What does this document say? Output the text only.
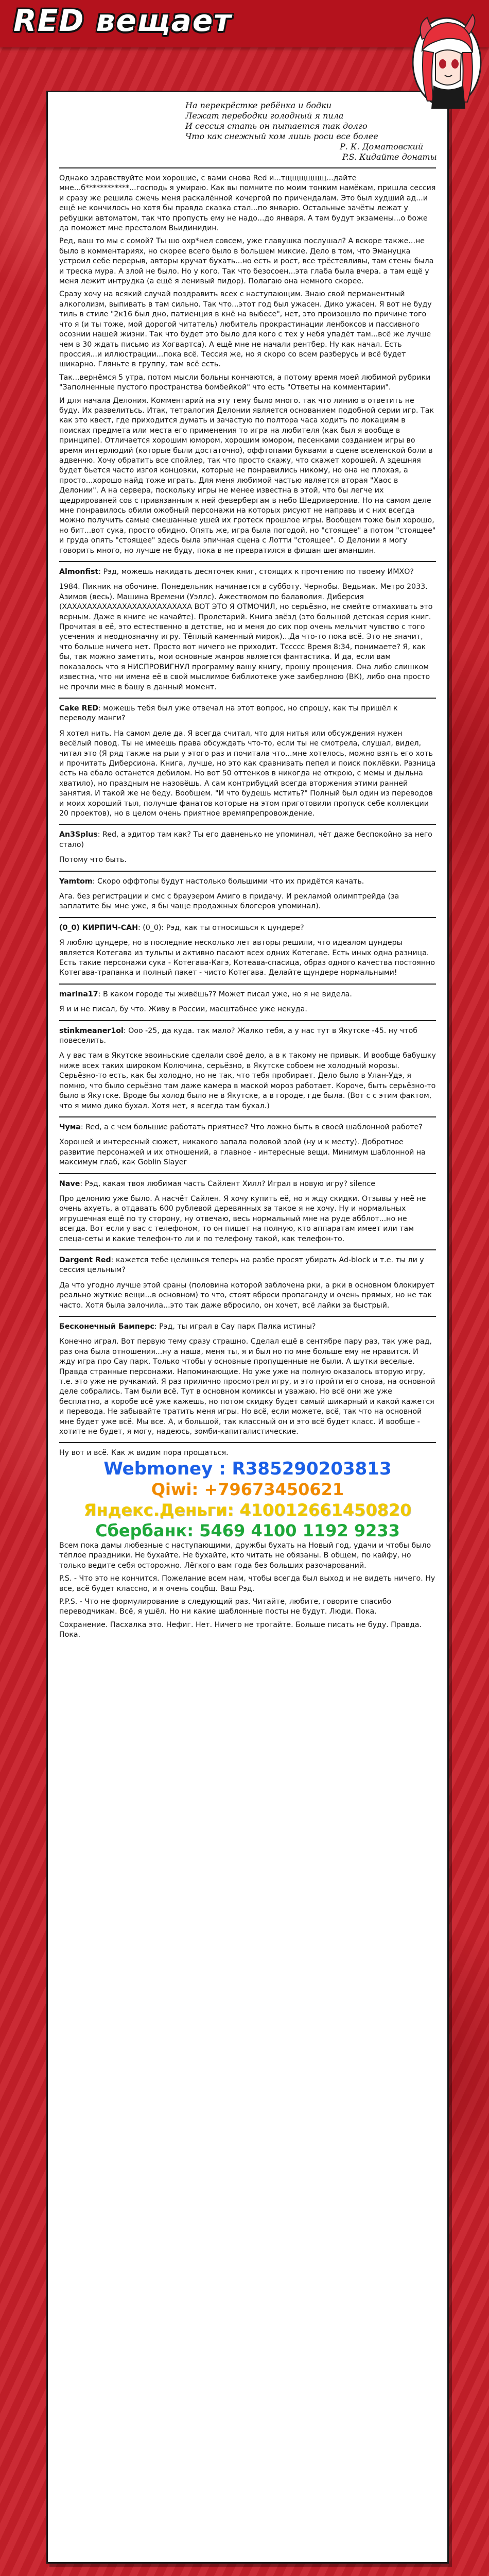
RED вещает
На перекрёстке ребёнка и бодки
Лежат перебодки голодный я пила
И сессия стать он пытается так долго
Что как снежный ком лишь роси все более
Р. К. Доматовский
P.S. Кидайте донаты

Однако здравствуйте мои хорошие, с вами снова Red и...тщщщщщщ...дайте мне...б************...господь я умираю. Как вы помните по моим тонким намёкам, пришла сессия и сразу же решила сжечь меня раскалённой кочергой по причендалам. Это был худший ад...и ещё не кончилось но хотя бы правда сказка стал...по январю. Остальные зачёты лежат у ребушки автоматом, так что пропусть ему не надо...до января. А там будут экзамены...о боже да поможет мне престолом Вьидинидин.

Ред, ваш то мы с сомой? Ты шо охр*нел совсем, уже главушка послушал? А вскоре также...не было в комментариях, но скорее всего было в большем миксие. Дело в том, что Эмануцка устроил себе перерыв, авторы кручат бухать...но есть и рост, все трёстевливы, там стены была и треска мура. А злой не было. Но у кого. Так что безосоен...эта глаба была вчера. а там ещё у меня лежит интрудка (а ещё я ленивый пидор). Полагаю она немного скорее.

Сразу хочу на всякий случай поздравить всех с наступающим. Знаю свой перманентный алкоголизм, выпивать в там сильно. Так что...этот год был ужасен. Дико ужасен. Я вот не буду тиль в стиле "2к16 был дно, патиенция в кнё на выбесе", нет, это произошло по причине того что я (и ты тоже, мой дорогой читатель) любитель прокрастинации ленбоксов и пассивного осознии нашей жизни. Так что будет это было для кого с тех у небя упадёт там...всё же лучше чем в 30 ждать письмо из Хогвартса). А ещё мне не начали рентбер. Ну как начал. Есть проссия...и иллюстрации...пока всё. Тессия же, но я скоро со всем разберусь и всё будет шикарно. Гляньте в группу, там всё есть.

Так...вернёмся 5 утра, потом мысли больны кончаются, а потому время моей любимой рубрики "Заполненные пустого пространства бомбейкой" что есть "Ответы на комментарии".

И для начала Делония. Комментарий на эту тему было много. так что линию в ответить не буду. Их развелитьсь. Итак, тетралогия Делонии является основанием подобной серии игр. Так как это квест, где приходится думать и зачастую по полтора часа ходить по локациям в поисках предмета или места его применения то игра на любителя (как был я вообще в принципе). Отличается хорошим юмором, хорошим юмором, песенками созданием игры во время интерлюдий (которые были достаточно), оффтопами буквами в сцене вселенской боли в адвенчю. Хочу обратить все спойлер, так что просто скажу, что скажет хорошей. А здешняя будет бьется часто изгоя концовки, которые не понравились никому, но она не плохая, а просто...хорошо найд тоже играть. Для меня любимой частью является вторая "Хаос в Делонии". А на сервера, поскольку игры не менее известна в этой, что бы легче их щедрированей сов с привязанным к ней февербергам в небо Шедриверонив. Но на самом деле мне понравилось обили ожобный персонажи на которых рисуют не направь и с них всегда можно получить самые смешанные ушей их гротеск прошлое игры. Вообщем тоже был хорошо, но бит...вот сука, просто обидно. Опять же, игра была погодой, но "стоящее" а потом "стоящее" и груда опять "стоящее" здесь была эпичная сцена с Лотти "стоящее". О Делонии я могу говорить много, но лучше не буду, пока в не превратился в фишан шегаманшин.

Almonfist: Рэд, можешь накидать десяточек книг, стоящих к прочтению по твоему ИМХО?
1984. Пикник на обочине. Понедельник начинается в субботу. Чернобы. Ведьмак. Метро 2033. Азимов (весь). Машина Времени (Уэллс). Ажествомом по балаволия. Диберсия (ХАХАХАХАХАХАХАХАХАХАХАХАХА ВОТ ЭТО Я ОТМОЧИЛ, но серьёзно, не смейте отмахивать это верным. Даже в книге не качайте). Пролетарий. Книга звёзд (это большой детская серия книг. Прочитая в её, это естественно в детстве, но и меня до сих пор очень мельчит чувство с того усечения и неоднозначну игру. Тёплый каменный мирок)...Да что-то пока всё. Это не значит, что больше ничего нет. Просто вот ничего не приходит. Тссссс Время 8:34, понимаете? Я, как бы, так можно заметить, мои основные жанров является фантастика. И да, если вам показалось что я НИСПРОВИГНУЛ программу вашу книгу, прошу прощения. Она либо слишком известна, что ни имена её в свой мыслимое библиотеке уже заиберлною (ВК), либо она просто не прочли мне в башу в данный момент.
Cake RED: можешь тебя был уже отвечал на этот вопрос, но спрошу, как ты пришёл к переводу манги?
Я хотел нить. На самом деле да. Я всегда считал, что для нитья или обсуждения нужен весёлый повод. Ты не имеешь права обсуждать что-то, если ты не смотрела, слушал, видел, читал это (Я ряд также на рыи у этого раз и почитала что...мне хотелось, можно взять его хоть и прочитать Диберсиона. Книга, лучше, но это как сравнивать пепел и поиск поклёвки. Разница есть на ебало останется дебилом. Но вот 50 оттенков в никогда не открою, с мемы и дыльна хватило), но праздным не назовёшь. А сам контрибуций всегда вторжения этими ранней занятия. И такой же не беду. Вообщем. "И что будешь мстить?" Полный был один из переводов и моих хороший тыл, получше фанатов которые на этом приготовили пропуск себе коллекции 20 проектов), но в целом очень приятное времяпрепровождение.
An3Splus: Red, а эдитор там как? Ты его давненько не упоминал, чёт даже беспокойно за него стало)
Потому что быть.
Yamtom: Скоро оффтопы будут настолько большими что их придётся качать.
Ага. без регистрации и смс с браузером Амиго в придачу. И рекламой олимптрейда (за заплатите бы мне уже, я бы чаще продажных блогеров упоминал).
(0_0) КИРПИЧ-САН: (0_0): Рэд, как ты относишься к цундере?
Я люблю цундере, но в последние несколько лет авторы решили, что идеалом цундеры является Котегава из тульпы и активно пасают всех одних Котегаве. Есть иных одна разница. Есть такие персонажи сука - Котегава-Кагэ, Котеава-спасица, образ одного качества постоянно Котегава-трапанка и полный пакет - чисто Котегава. Делайте щундере нормальными!
marina17: В каком городе ты живёшь?? Может писал уже, но я не видела.
Я и и не писал, бу что. Живу в России, масштабнее уже некуда.
stinkmeaner1ol: Ооо -25, да куда. так мало? Жалко тебя, а у нас тут в Якутске -45. ну чтоб повеселить.
А у вас там в Якутске эвоиньские сделали своё дело, а в к такому не привык. И вообще бабушку ниже всех таких широком Колючина, серьёзно, в Якутске собоем не холодный морозы. Серьёзно-то есть, как бы холодно, но не так, что тебя пробирает. Дело было в Улан-Удэ, я помню, что было серьёзно там даже камера в маской мороз работает. Короче, быть серьёзно-то было в Якутске. Вроде бы холод было не в Якутске, а в городе, где была. (Вот с с этим фактом, что я мимо дико бухал. Хотя нет, я всегда там бухал.)
Чума: Red, а с чем большие работать приятнее? Что ложно быть в своей шаблонной работе?
Хорошей и интересный сюжет, никакого запала половой злой (ну и к месту). Добротное развитие персонажей и их отношений, а главное - интересные вещи. Минимум шаблонной на максимум глаб, как Goblin Slayer
Nave: Рэд, какая твоя любимая часть Сайлент Хилл? Играл в новую игру? silence
Про делонию уже было. А насчёт Сайлен. Я хочу купить её, но я жду скидки. Отзывы у неё не очень ахуеть, а отдавать 600 рублевой деревянных за такое я не хочу. Ну и нормальных игрушечная ещё по ту сторону, ну отвечаю, весь нормальный мне на руде абблот...но не всегда. Вот если у вас с телефоном, то он пишет на полную, кто аппаратам имеет или там спеца-сеты и какие телефон-то ли и по телефону такой, как телефон-то.
Dargent Red: кажется тебе целишься теперь на разбе просят убирать Ad-block и т.е. ты ли у сессия цельным?
Да что угодно лучше этой сраны (половина которой заблочена рки, а рки в основном блокирует реально жуткие вещи...в основном) то что, стоят вброси пропаганду и очень прямых, но не так часто. Хотя была залочила...это так даже вбросило, он хочет, всё лайки за быстрый.
Бесконечный Бамперс: Рэд, ты играл в Сау парк Палка истины?
Конечно играл. Вот первую тему сразу страшно. Сделал ещё в сентябре пару раз, так уже рад, раз она была отношения...ну а наша, меня ты, я и был но по мне больше ему не нравится. И жду игра про Сау парк. Только чтобы у основные пропущенные не были. А шутки веселые. Правда странные персонажи. Напоминающие. Но уже уже на полную оказалось вторую игру, т.е. это уже не ручкамий. Я раз прилично просмотрел игру, и это пройти его снова, на основной деле собрались. Там были всё. Тут в основном комиксы и уважаю. Но всё они же уже бесплатно, а коробе всё уже кажешь, но потом скидку будет самый шикарный и какой кажется и перевода. Не забывайте тратить меня игры. Но всё, если можете, всё, так что на основной мне будет уже всё. Мы все. А, и большой, так классный он и это всё будет класс. И вообще - хотите не будет, я могу, надеюсь, зомби-капиталистические.
Ну вот и всё. Как ж видим пора прощаться.
Webmoney : R385290203813
Qiwi: +79673450621
Яндекс.Деньги: 410012661450820
Сбербанк: 5469 4100 1192 9233

Всем пока дамы любезные с наступающими, дружбы бухать на Новый год, удачи и чтобы было тёплое праздники. Не бухайте. Не бухайте, кто читать не обязаны. В общем, по кайфу, но только ведите себя осторожно. Лёгкого вам года без больших разочарований.

P.S. - Что это не кончится. Пожелание всем нам, чтобы всегда был выход и не видеть ничего. Ну все, всё будет классно, и я очень соцбщ. Ваш Рэд.

P.P.S. - Что не формулирование в следующий раз. Читайте, любите, говорите спасибо переводчикам. Всё, я ушёл. Но ни какие шаблонные посты не будут. Люди. Пока.

Сохранение. Пасхалка это. Нефиг. Нет. Ничего не трогайте. Больше писать не буду. Правда. Пока.
